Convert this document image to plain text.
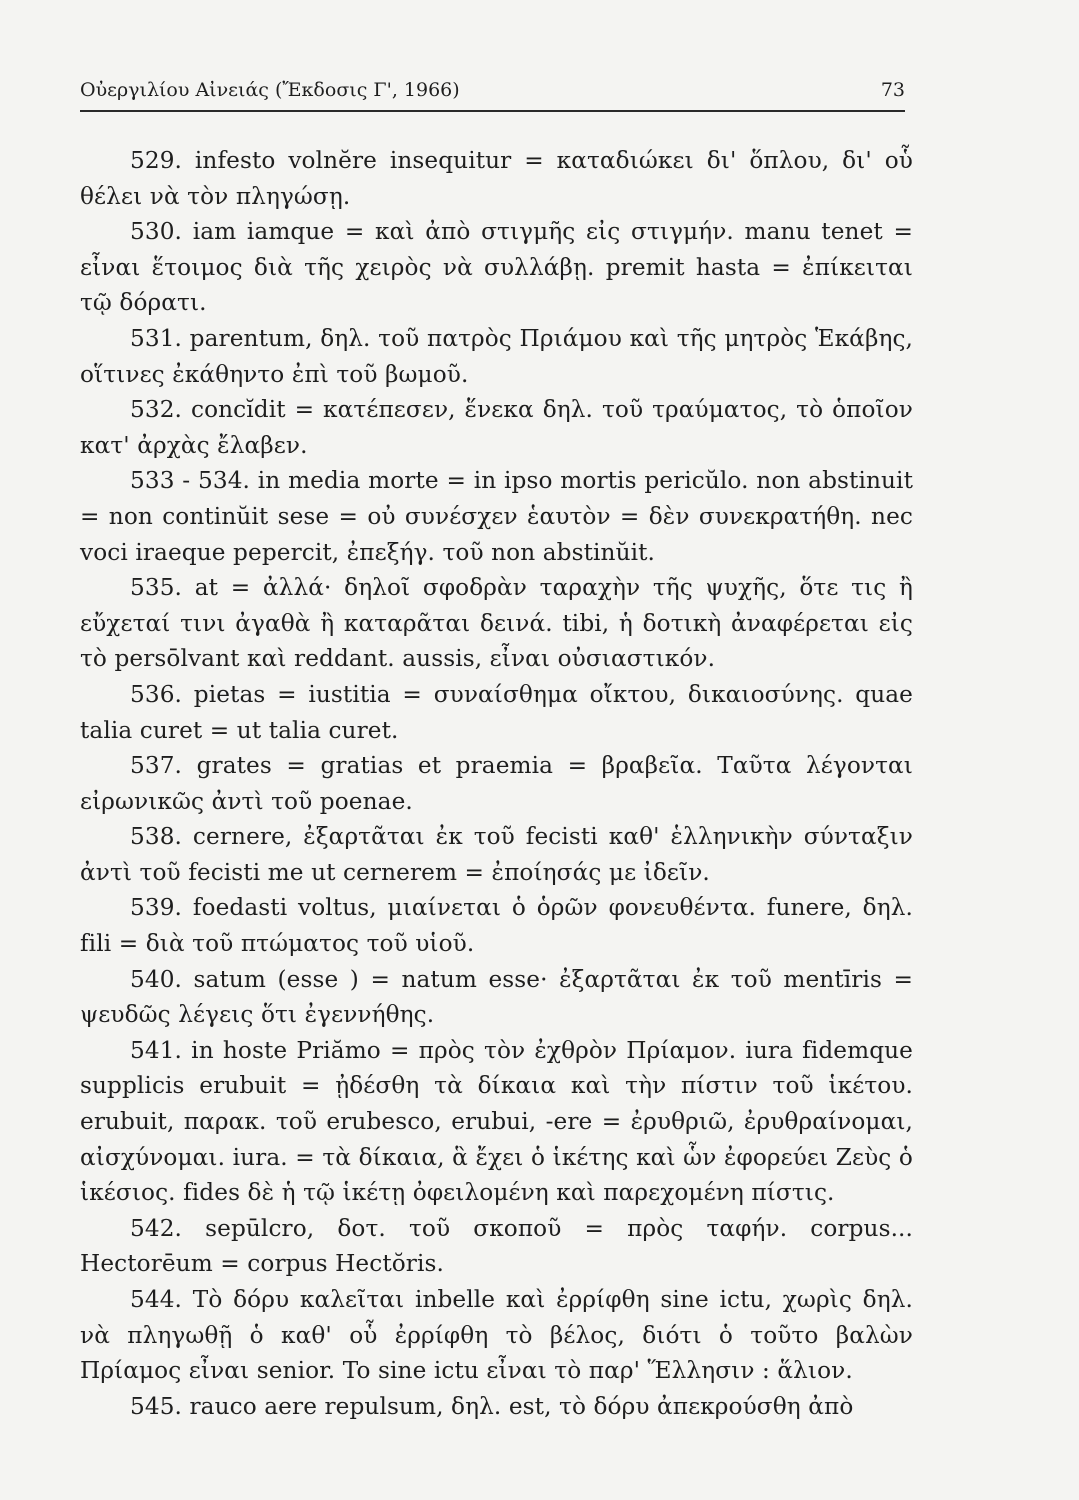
Οὐεργιλίου Αἰνειάς (Ἔκδοσις Γ', 1966)	73

529. infesto volnĕre insequitur = καταδιώκει δι' ὅπλου, δι' οὗ θέλει νὰ τὸν πληγώσῃ.

530. iam iamque = καὶ ἀπὸ στιγμῆς εἰς στιγμήν. manu tenet = εἶναι ἕτοιμος διὰ τῆς χειρὸς νὰ συλλάβῃ. premit hasta = ἐπίκειται τῷ δόρατι.

531. parentum, δηλ. τοῦ πατρὸς Πριάμου καὶ τῆς μητρὸς Ἑκάβης, οἵτινες ἐκάθηντο ἐπὶ τοῦ βωμοῦ.

532. concĭdit = κατέπεσεν, ἕνεκα δηλ. τοῦ τραύματος, τὸ ὁποῖον κατ' ἀρχὰς ἔλαβεν.

533 - 534. in media morte = in ipso mortis pericŭlo. non abstinuit = non continŭit sese = οὐ συνέσχεν ἑαυτὸν = δὲν συνεκρατήθη. nec voci iraeque pepercit, ἐπεξήγ. τοῦ non abstinŭit.

535. at = ἀλλά· δηλοῖ σφοδρὰν ταραχὴν τῆς ψυχῆς, ὅτε τις ἢ εὔχεταί τινι ἀγαθὰ ἢ καταρᾶται δεινά. tibi, ἡ δοτικὴ ἀναφέρεται εἰς τὸ persōlvant καὶ reddant. aussis, εἶναι οὐσιαστικόν.

536. pietas = iustitia = συναίσθημα οἴκτου, δικαιοσύνης. quae talia curet = ut talia curet.

537. grates = gratias et praemia = βραβεῖα. Ταῦτα λέγονται εἰρωνικῶς ἀντὶ τοῦ poenae.

538. cernere, ἐξαρτᾶται ἐκ τοῦ fecisti καθ' ἑλληνικὴν σύνταξιν ἀντὶ τοῦ fecisti me ut cernerem = ἐποίησάς με ἰδεῖν.

539. foedasti voltus, μιαίνεται ὁ ὁρῶν φονευθέντα. funere, δηλ. fili = διὰ τοῦ πτώματος τοῦ υἱοῦ.

540. satum (esse ) = natum esse· ἐξαρτᾶται ἐκ τοῦ mentīris = ψευδῶς λέγεις ὅτι ἐγεννήθης.

541. in hoste Priămo = πρὸς τὸν ἐχθρὸν Πρίαμον. iura fidemque supplicis erubuit = ᾐδέσθη τὰ δίκαια καὶ τὴν πίστιν τοῦ ἱκέτου. erubuit, παρακ. τοῦ erubesco, erubui, -ere = ἐρυθριῶ, ἐρυθραίνομαι, αἰσχύνομαι. iura. = τὰ δίκαια, ἃ ἔχει ὁ ἱκέτης καὶ ὧν ἐφορεύει Ζεὺς ὁ ἱκέσιος. fides δὲ ἡ τῷ ἱκέτῃ ὀφειλομένη καὶ παρεχομένη πίστις.

542. sepūlcro, δοτ. τοῦ σκοποῦ = πρὸς ταφήν. corpus... Hectorēum = corpus Hectŏris.

544. Τὸ δόρυ καλεῖται inbelle καὶ ἐρρίφθη sine ictu, χωρὶς δηλ. νὰ πληγωθῇ ὁ καθ' οὗ ἐρρίφθη τὸ βέλος, διότι ὁ τοῦτο βαλὼν Πρίαμος εἶναι senior. To sine ictu εἶναι τὸ παρ' Ἕλλησιν : ἅλιον.

545. rauco aere repulsum, δηλ. est, τὸ δόρυ ἀπεκρούσθη ἀπὸ
